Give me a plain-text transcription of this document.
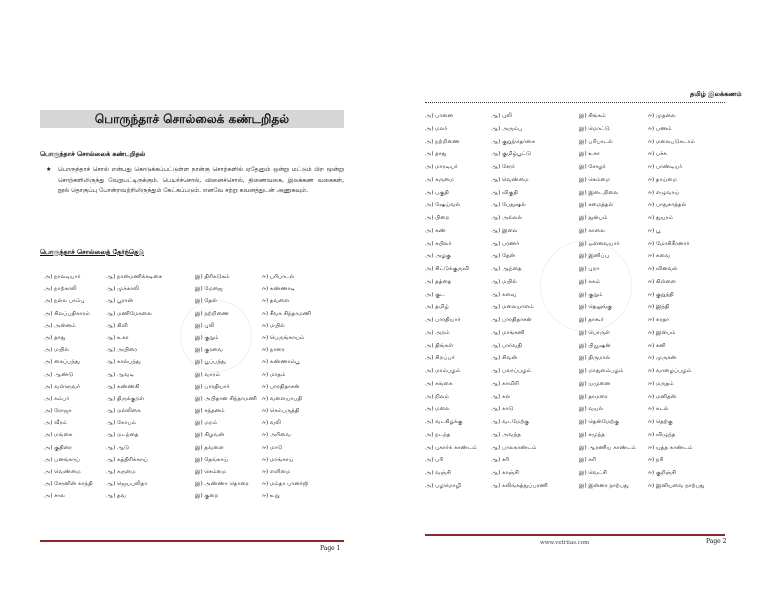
பொருந்தாச் சொல்லைக் கண்டறிதல்
பொருந்தாச் சொல்லைக் கண்டறிதல்
★	பொருந்தாச் சொல் என்பது கொடுக்கப்பட்டுள்ள நான்கு சொற்களில் ஏதேனும் ஒன்று மட்டும் பிற மூன்று சொற்களிலிருந்து வேறுபட்டிருக்கும். பெயர்ச்சொல், வினைச்சொல், திணைவகை, இலக்கண வகைகள், நூல் தொகுப்பு போன்றவற்றிலிருந்தும் கேட்கப்படும். எனவே சற்று கவனத்துடன் அணுகவும்.
பொருந்தாச் சொல்லைத் தேர்ந்தெடு
அ) நாலடியார்	ஆ) நான்மணிக்கடிகை	இ) திரிகடுகம்	ஈ) பரிபாடல்
அ) நாற்காலி	ஆ) முக்காலி	இ) மேஜை	ஈ) கண்ணாடி
அ) நல்ல பாம்பு	ஆ) பூரான்	இ) தேள்	ஈ) தவளை
அ) சிலப்பதிகாரம்	ஆ) மணிமேகலை	இ) நற்றிணை	ஈ) சீவக சிந்தாமணி
அ) அன்னம்	ஆ) கிளி	இ) புலி	ஈ) மயில்
அ) தாது	ஆ) உகா	இ) குறும்	ஈ) பெருங்காயம்
அ) மயில்	ஆ) அயிரை	இ) குரவை	ஈ) நாரை
அ) கைப்பந்து	ஆ) கால்பந்து	இ) பூப்பந்து	ஈ) கண்ணாம்பூ
அ) ஆண்டு	ஆ) ஆவடி	இ) வாரம்	ஈ) மாதம்
அ) வள்ளுவர்	ஆ) கண்ணகி	இ) பாரதியார்	ஈ) பாரதிதாசன்
அ) கம்பர்	ஆ) திருக்குறள்	இ) அபிதான சிந்தாமணி ஈ) வளையாபதி
அ) ரோஜா	ஆ) மல்லிகை	இ) சந்தனம்	ஈ) செம்பருத்தி
அ) வீரம்	ஆ) கோபம்	இ) மறம்	ஈ) வலி
அ) மங்கை	ஆ) மடந்தை	இ) கிழவன்	ஈ) அரிவை
அ) குதிரை	ஆ) ஆடு	இ) தவளை	ஈ) மாடு
அ) பனங்காய்	ஆ) கத்திரிக்காய்	இ) தேங்காய்	ஈ) மாங்காய்
அ) வெண்மை	ஆ) கருமை	இ) செம்மை	ஈ) எளிமை
அ) சேரனின் காந்தி	ஆ) ஜெயபலிதா	இ) அண்ணா தொரை	ஈ) மம்தா பானர்ஜி
அ) சால	ஆ) தவ	இ) குறை	ஈ) உறு
Page 1
தமிழ் இலக்கணம்
அ) பானை	ஆ) புலி	இ) சிங்கம்	ஈ) முதலை
அ) மலர்	ஆ) அரும்பு	இ) மொட்டு	ஈ) பணம்
அ) நற்றிணை	ஆ) குறுந்தொகை	இ) பரிபாடல்	ஈ) மலைபடுகடாம்
அ) தாது	ஆ) குமிழ்பூட்டு	இ) உகா	ஈ) பச்சு
அ) மாரடியர்	ஆ) சேரர்	இ) சோழர்	ஈ) பாண்டியர்
அ) கருமை	ஆ) வெண்மை	இ) செம்மை	ஈ) தாய்மை
அ) பகுதி	ஆ) விகுதி	இ) இடைநிலை	ஈ) எழுவாய்
அ) ஷேய்வல்	ஆ) பேதுஷல்	இ) சமைத்தல்	ஈ) பாதுகாத்தல்
அ) பிறை	ஆ) அல்லல்	இ) துன்பம்	ஈ) துயரம்
அ) கண்	ஆ) இலை	இ) காலை	ஈ) பூ
அ) கபிலர்	ஆ) பரணர்	இ) ஒளவையார்	ஈ) மோசிகீரனார்
அ) அழகு	ஆ) தேன்	இ) இனிப்பு	ஈ) சுவை
அ) சிட்டுக்குருவி	ஆ) ஆந்தை	இ) புறா	ஈ) வினவல்
அ) தத்தை	ஆ) மயில்	இ) சுகம்	ஈ) கிள்ளை
அ) குட	ஆ) களவு	இ) குறும்	ஈ) குறுந்தி
அ) தமிழ்	ஆ) மலையாளம்	இ) தெலுங்கு	ஈ) இந்தி
அ) பாரதியார்	ஆ) பாரதிதாசன்	இ) தாகூர்	ஈ) சுரதா
அ) அறம்	ஆ) மாங்கனி	இ) பொருள்	ஈ) இன்பம்
அ) திங்கள்	ஆ) பார்வதி	இ) பியூஷன்	ஈ) சனி
அ) சிறப்பர்	ஆ) சிவன்	இ) திருமால்	ஈ) முருகன்
அ) மாம்பழம்	ஆ) பலாப்பழம்	இ) மாதுளம்பழம்	ஈ) வாழைப்பழம்
அ) கங்கை	ஆ) காவிரி	இ) யமுனை	ஈ) மருதம்
அ) நிலம்	ஆ) கல்	இ) தாமரை	ஈ) மனிதன்
அ) மலை	ஆ) காடு	இ) வயல்	ஈ) கடல்
அ) வடகிழக்கு	ஆ) வடமேற்கு	இ) தென்மேற்கு	ஈ) தெற்கு
அ) நடந்த	ஆ) அவந்த	இ) சமுந்த	ஈ) விழுந்த
அ) புகார்க் காண்டம்	ஆ) பாலகாண்டம்	இ) ஆரணிய காண்டம்	ஈ) யுத்த காண்டம்
அ) பரி	ஆ) சரி	இ) கரி	ஈ) நரி
அ) வஞ்சி	ஆ) காஞ்சி	இ) வெட்சி	ஈ) குறிஞ்சி
அ) பழமொழி	ஆ) கலிங்கத்துப்பரணி	இ) இன்னா நாற்பது	ஈ) இனியவை நாற்பது
www.vetriias.com	Page 2
